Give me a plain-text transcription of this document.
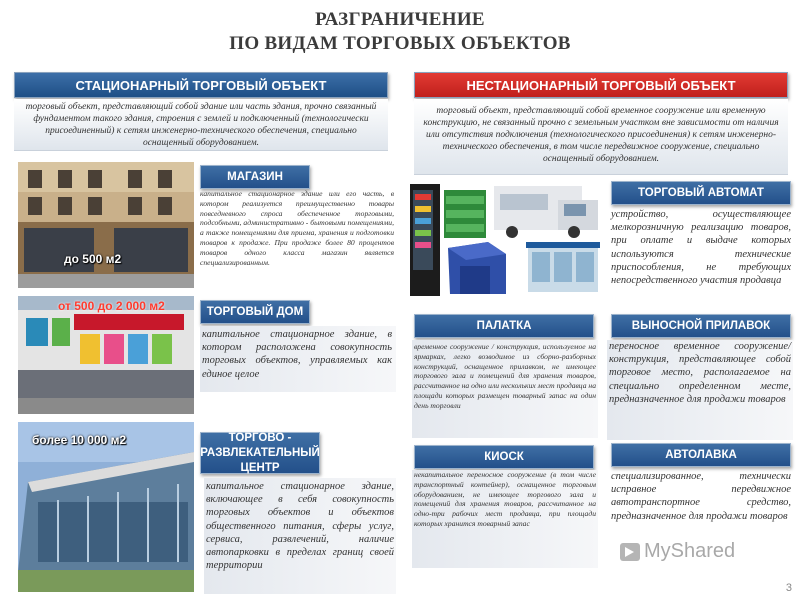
РАЗГРАНИЧЕНИЕ
ПО ВИДАМ ТОРГОВЫХ ОБЪЕКТОВ
СТАЦИОНАРНЫЙ ТОРГОВЫЙ ОБЪЕКТ
торговый объект, представляющий собой здание или часть здания, прочно связанный фундаментом такого здания, строения с землей и подключенный (технологически присоединенный) к сетям инженерно-технического обеспечения, специально оснащенный оборудованием.
до 500 м2
МАГАЗИН
капитальное стационарное здание или его часть, в котором реализуется преимущественно товары повседневного спроса обеспеченное торговыми, подсобными, административно - бытовыми помещениями, а также помещениями для приема, хранения и подготовки товаров к продаже. При продаже более 80 процентов товаров одного класса магазин является специализированным.
от 500 до 2 000 м2	ТОРГОВЫЙ ДОМ
капитальное стационарное здание, в котором расположена совокупность торговых объектов, управляемых как единое целое
более 10 000 м2	ТОРГОВО - РАЗВЛЕКАТЕЛЬНЫЙ ЦЕНТР
капитальное стационарное здание, включающее в себя совокупность торговых объектов и объектов общественного питания, сферы услуг, сервиса, развлечений, наличие автопарковки в пределах границ своей территории
НЕСТАЦИОНАРНЫЙ ТОРГОВЫЙ ОБЪЕКТ
торговый объект, представляющий собой временное сооружение или временную конструкцию, не связанный прочно с земельным участком вне зависимости от наличия или отсутствия подключения (технологического присоединения) к сетям инженерно-технического обеспечения, в том числе передвижное сооружение, специально оснащенный оборудованием.
ТОРГОВЫЙ АВТОМАТ
устройство, осуществляющее мелкорозничную реализацию товаров, при оплате и выдаче которых используются технические приспособления, не требующих непосредственного участия продавца
ПАЛАТКА
временное сооружение / конструкция, используемое на ярмарках, легко возводимое из сборно-разборных конструкций, оснащенное прилавком, не имеющее торгового зала и помещений для хранения товаров, рассчитанное на одно или нескольких мест продавца на площади которых размещен товарный запас на один день торговли
ВЫНОСНОЙ ПРИЛАВОК
переносное временное сооружение/конструкция, представляющее собой торговое место, располагаемое на специально определенном месте, предназначенное для продажи товаров
КИОСК
некапитальное переносное сооружение (в том числе транспортный контейнер), оснащенное торговым оборудованием, не имеющее торгового зала и помещений для хранения товаров, рассчитанное на одно-три рабочих мест продавца, при площади которых хранится товарный запас
АВТОЛАВКА
специализированное, технически исправное передвижное автотранспортное средство, предназначенное для продажи товаров
MyShared
3
